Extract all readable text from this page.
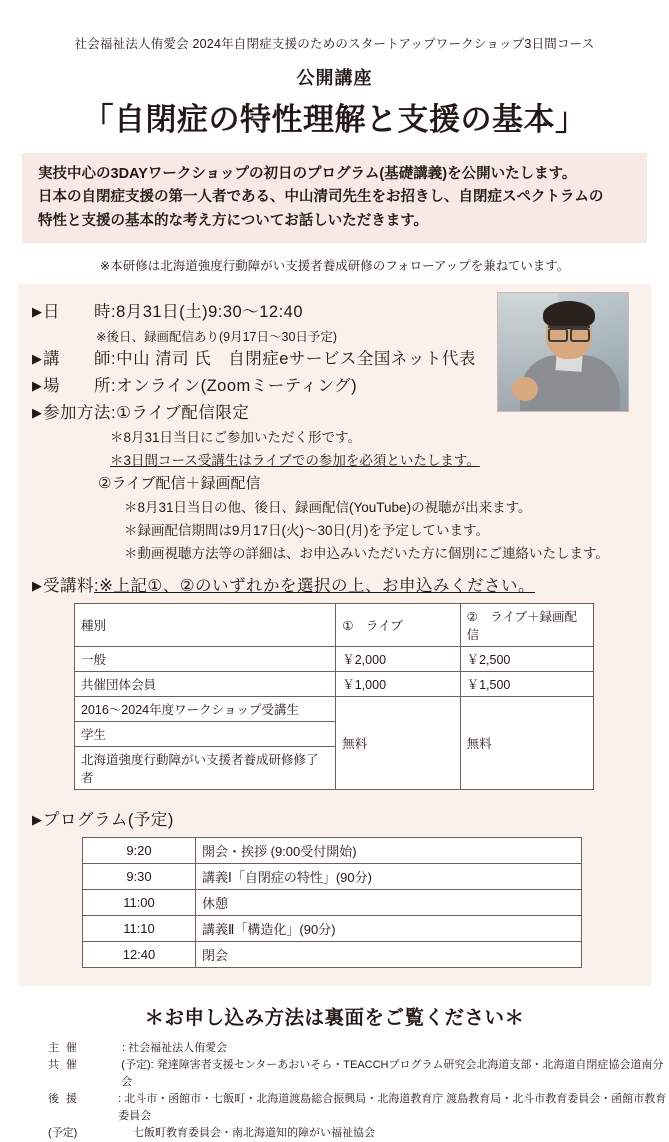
社会福祉法人侑愛会 2024年自閉症支援のためのスタートアップワークショップ3日間コース
公開講座
「自閉症の特性理解と支援の基本」
実技中心の3DAYワークショップの初日のプログラム(基礎講義)を公開いたします。
日本の自閉症支援の第一人者である、中山清司先生をお招きし、自閉症スペクトラムの
特性と支援の基本的な考え方についてお話しいただきます。
※本研修は北海道強度行動障がい支援者養成研修のフォローアップを兼ねています。
▶ 日　　時 :8月31日(土)9:30～12:40
※後日、録画配信あり(9月17日～30日予定)
▶ 講　　師 :中山 清司 氏　自閉症eサービス全国ネット代表
▶ 場　　所 :オンライン(Zoomミーティング)
▶ 参加方法 :①ライブ配信限定
＊8月31日当日にご参加いただく形です。
＊3日間コース受講生はライブでの参加を必須といたします。
②ライブ配信＋録画配信
＊8月31日当日の他、後日、録画配信(YouTube)の視聴が出来ます。
＊録画配信期間は9月17日(火)～30日(月)を予定しています。
＊動画視聴方法等の詳細は、お申込みいただいた方に個別にご連絡いたします。
▶ 受講料 :※上記①、②のいずれかを選択の上、お申込みください。
種別	①　ライブ	②　ライブ＋録画配信
一般	￥2,000	￥2,500
共催団体会員	￥1,000	￥1,500
2016～2024年度ワークショップ受講生	無料	無料
学生		
北海道強度行動障がい支援者養成研修修了者		
▶ プログラム(予定)
9:20	開会・挨拶 (9:00受付開始)
9:30	講義Ⅰ「自閉症の特性」(90分)
11:00	休憩
11:10	講義Ⅱ「構造化」(90分)
12:40	閉会
＊お申し込み方法は裏面をご覧ください＊
主 催	: 社会福祉法人侑愛会
共 催	(予定): 発達障害者支援センターあおいそら・TEACCHプログラム研究会北海道支部・北海道自閉症協会道南分会
後 援	: 北斗市・函館市・七飯町・北海道渡島総合振興局・北海道教育庁 渡島教育局・北斗市教育委員会・函館市教育委員会
(予定)	　七飯町教育委員会・南北海道知的障がい福祉協会
